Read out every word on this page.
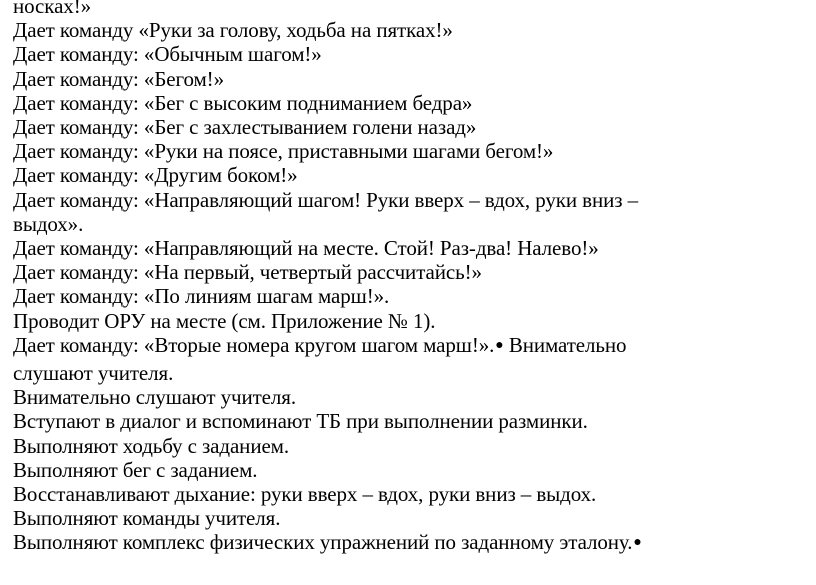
носках!»
Дает команду «Руки за голову, ходьба на пятках!»
Дает команду: «Обычным шагом!»
Дает команду: «Бегом!»
Дает команду: «Бег с высоким подниманием бедра»
Дает команду: «Бег с захлестыванием голени назад»
Дает команду: «Руки на поясе, приставными шагами бегом!»
Дает команду: «Другим боком!»
Дает команду: «Направляющий шагом! Руки вверх – вдох, руки вниз –
выдох».
Дает команду: «Направляющий на месте. Стой! Раз-два! Налево!»
Дает команду: «На первый, четвертый рассчитайсь!»
Дает команду: «По линиям шагам марш!».
Проводит ОРУ на месте (см. Приложение № 1).
Дает команду: «Вторые номера кругом шагом марш!».● Внимательно
слушают учителя.
Внимательно слушают учителя.
Вступают в диалог и вспоминают ТБ при выполнении разминки.
Выполняют ходьбу с заданием.
Выполняют бег с заданием.
Восстанавливают дыхание: руки вверх – вдох, руки вниз – выдох.
Выполняют команды учителя.
Выполняют комплекс физических упражнений по заданному эталону.●
